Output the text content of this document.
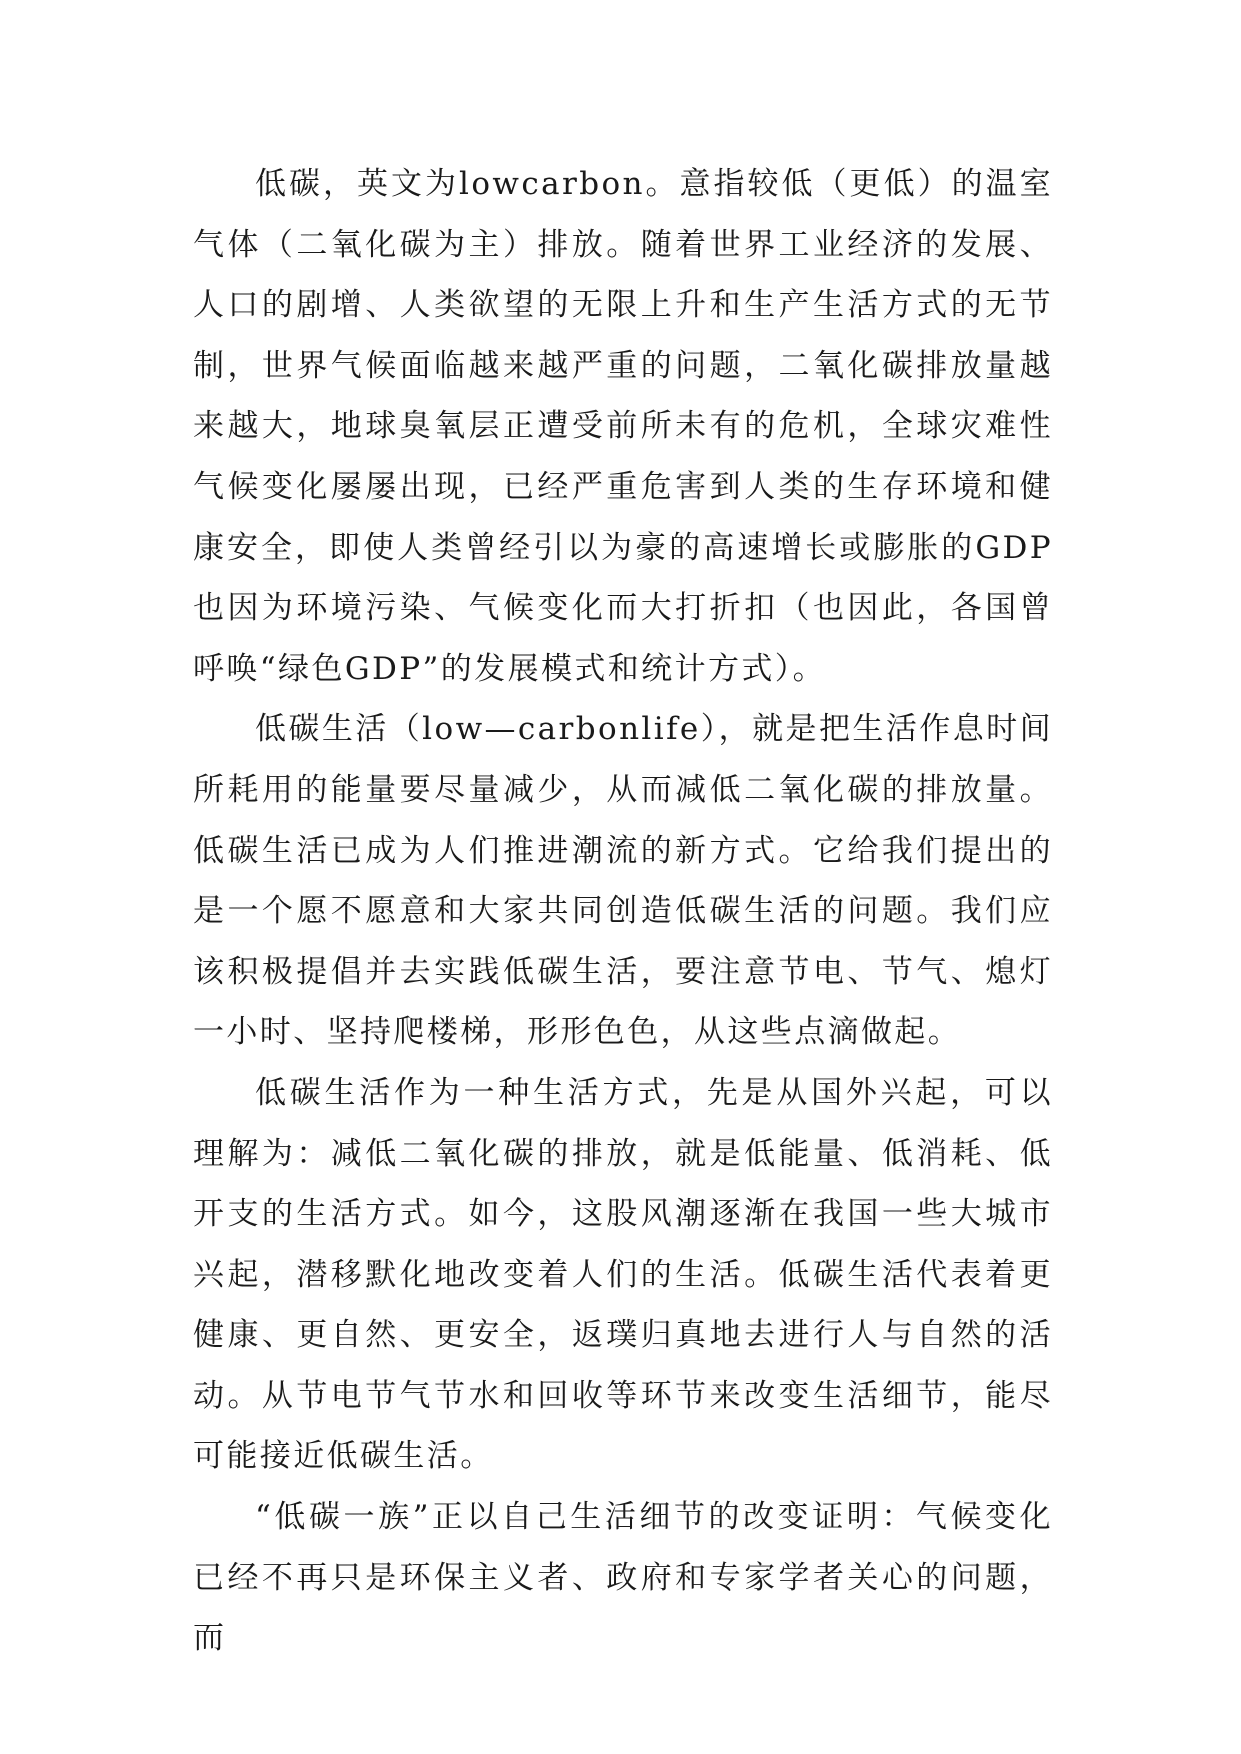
低碳，英文为lowcarbon。意指较低（更低）的温室气体（二氧化碳为主）排放。随着世界工业经济的发展、人口的剧增、人类欲望的无限上升和生产生活方式的无节制，世界气候面临越来越严重的问题，二氧化碳排放量越来越大，地球臭氧层正遭受前所未有的危机，全球灾难性气候变化屡屡出现，已经严重危害到人类的生存环境和健康安全，即使人类曾经引以为豪的高速增长或膨胀的GDP也因为环境污染、气候变化而大打折扣（也因此，各国曾呼唤“绿色GDP”的发展模式和统计方式）。

低碳生活（low—carbonlife），就是把生活作息时间所耗用的能量要尽量减少，从而减低二氧化碳的排放量。低碳生活已成为人们推进潮流的新方式。它给我们提出的是一个愿不愿意和大家共同创造低碳生活的问题。我们应该积极提倡并去实践低碳生活，要注意节电、节气、熄灯一小时、坚持爬楼梯，形形色色，从这些点滴做起。

低碳生活作为一种生活方式，先是从国外兴起，可以理解为：减低二氧化碳的排放，就是低能量、低消耗、低开支的生活方式。如今，这股风潮逐渐在我国一些大城市兴起，潜移默化地改变着人们的生活。低碳生活代表着更健康、更自然、更安全，返璞归真地去进行人与自然的活动。从节电节气节水和回收等环节来改变生活细节，能尽可能接近低碳生活。

“低碳一族”正以自己生活细节的改变证明：气候变化已经不再只是环保主义者、政府和专家学者关心的问题，而
